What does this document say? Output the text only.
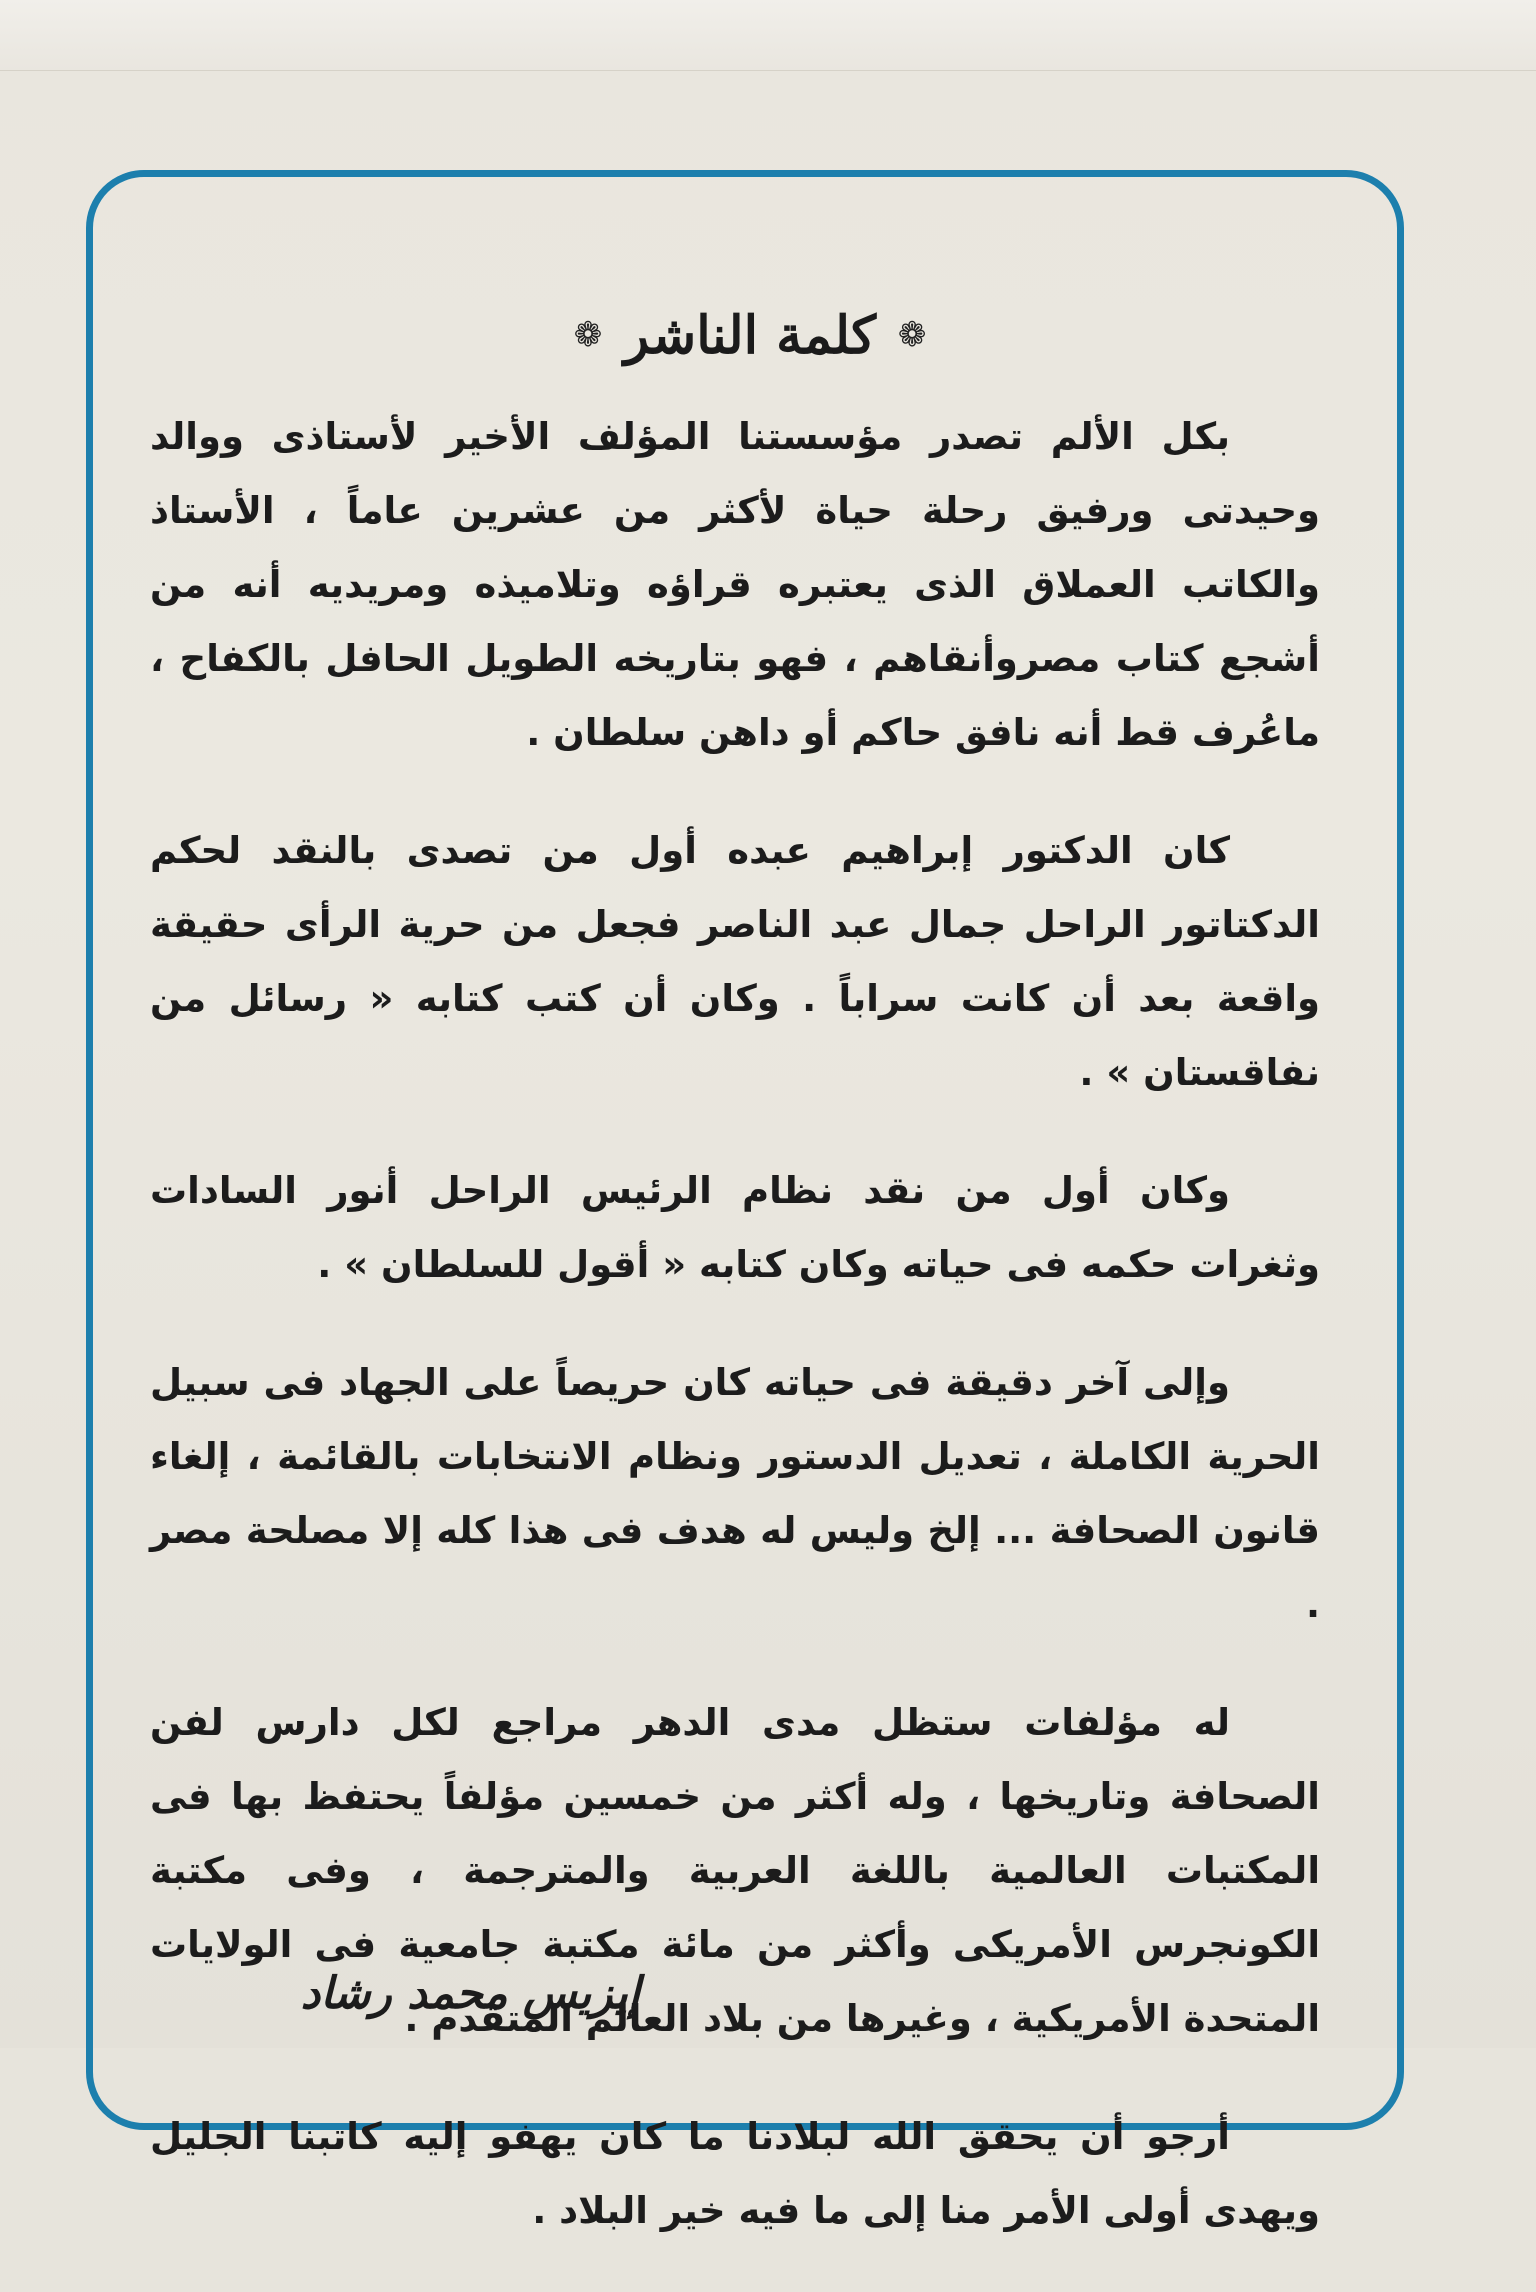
❁
كلمة الناشر
❁

بكل الألم تصدر مؤسستنا المؤلف الأخير لأستاذى ووالد وحيدتى ورفيق رحلة حياة لأكثر من عشرين عاماً ، الأستاذ والكاتب العملاق الذى يعتبره قراؤه وتلاميذه ومريديه أنه من أشجع كتاب مصروأنقاهم ، فهو بتاريخه الطويل الحافل بالكفاح ، ماعُرف قط أنه نافق حاكم أو داهن سلطان .

كان الدكتور إبراهيم عبده أول من تصدى بالنقد لحكم الدكتاتور الراحل جمال عبد الناصر فجعل من حرية الرأى حقيقة واقعة بعد أن كانت سراباً . وكان أن كتب كتابه « رسائل من نفاقستان » .

وكان أول من نقد نظام الرئيس الراحل أنور السادات وثغرات حكمه فى حياته وكان كتابه « أقول للسلطان » .

وإلى آخر دقيقة فى حياته كان حريصاً على الجهاد فى سبيل الحرية الكاملة ، تعديل الدستور ونظام الانتخابات بالقائمة ، إلغاء قانون الصحافة ... إلخ وليس له هدف فى هذا كله إلا مصلحة مصر .

له مؤلفات ستظل مدى الدهر مراجع لكل دارس لفن الصحافة وتاريخها ، وله أكثر من خمسين مؤلفاً يحتفظ بها فى المكتبات العالمية باللغة العربية والمترجمة ، وفى مكتبة الكونجرس الأمريكى وأكثر من مائة مكتبة جامعية فى الولايات المتحدة الأمريكية ، وغيرها من بلاد العالم المتقدم .

أرجو أن يحقق الله لبلادنا ما كان يهفو إليه كاتبنا الجليل ويهدى أولى الأمر منا إلى ما فيه خير البلاد .

إيزيس محمد رشاد
